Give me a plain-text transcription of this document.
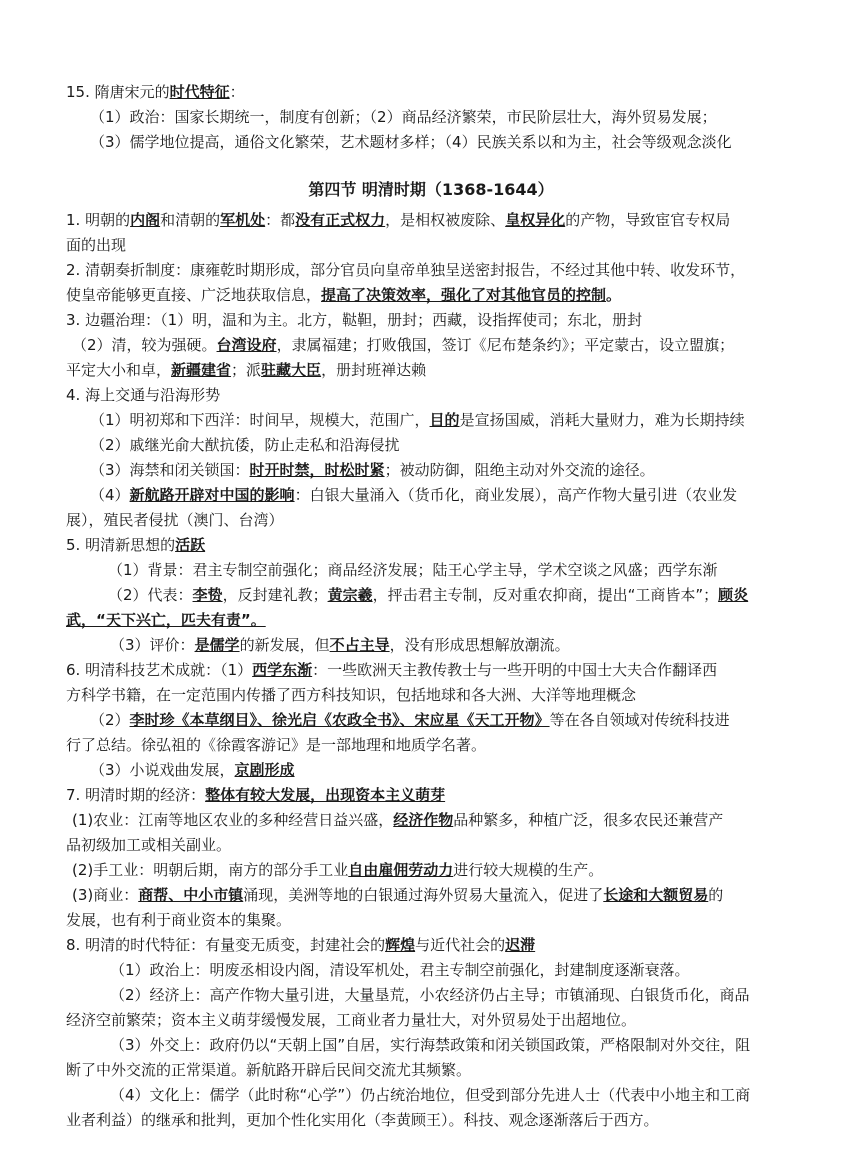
15. 隋唐宋元的时代特征：

（1）政治：国家长期统一，制度有创新；（2）商品经济繁荣，市民阶层壮大，海外贸易发展；

（3）儒学地位提高，通俗文化繁荣，艺术题材多样；（4）民族关系以和为主，社会等级观念淡化

第四节 明清时期（1368-1644）

1. 明朝的内阁和清朝的军机处：都没有正式权力，是相权被废除、皇权异化的产物，导致宦官专权局

面的出现

2. 清朝奏折制度：康雍乾时期形成，部分官员向皇帝单独呈送密封报告，不经过其他中转、收发环节，

使皇帝能够更直接、广泛地获取信息，提高了决策效率，强化了对其他官员的控制。

3. 边疆治理：（1）明，温和为主。北方，鞑靼，册封；西藏，设指挥使司；东北，册封

（2）清，较为强硬。台湾设府，隶属福建；打败俄国，签订《尼布楚条约》；平定蒙古，设立盟旗；

平定大小和卓，新疆建省；派驻藏大臣，册封班禅达赖

4. 海上交通与沿海形势

（1）明初郑和下西洋：时间早，规模大，范围广，目的是宣扬国威，消耗大量财力，难为长期持续

（2）戚继光俞大猷抗倭，防止走私和沿海侵扰

（3）海禁和闭关锁国：时开时禁，时松时紧；被动防御，阻绝主动对外交流的途径。

（4）新航路开辟对中国的影响：白银大量涌入（货币化，商业发展），高产作物大量引进（农业发

展），殖民者侵扰（澳门、台湾）

5. 明清新思想的活跃

（1）背景：君主专制空前强化；商品经济发展；陆王心学主导，学术空谈之风盛；西学东渐

（2）代表：李贽，反封建礼教；黄宗羲，抨击君主专制，反对重农抑商，提出“工商皆本”；顾炎

武，“天下兴亡，匹夫有责”。

（3）评价：是儒学的新发展，但不占主导，没有形成思想解放潮流。

6. 明清科技艺术成就：（1）西学东渐：一些欧洲天主教传教士与一些开明的中国士大夫合作翻译西

方科学书籍，在一定范围内传播了西方科技知识，包括地球和各大洲、大洋等地理概念

（2）李时珍《本草纲目》、徐光启《农政全书》、宋应星《天工开物》等在各自领域对传统科技进

行了总结。徐弘祖的《徐霞客游记》是一部地理和地质学名著。

（3）小说戏曲发展，京剧形成

7. 明清时期的经济：整体有较大发展，出现资本主义萌芽

(1)农业：江南等地区农业的多种经营日益兴盛，经济作物品种繁多，种植广泛，很多农民还兼营产

品初级加工或相关副业。

(2)手工业：明朝后期，南方的部分手工业自由雇佣劳动力进行较大规模的生产。

(3)商业：商帮、中小市镇涌现，美洲等地的白银通过海外贸易大量流入，促进了长途和大额贸易的

发展，也有利于商业资本的集聚。

8. 明清的时代特征：有量变无质变，封建社会的辉煌与近代社会的迟滞

（1）政治上：明废丞相设内阁，清设军机处，君主专制空前强化，封建制度逐渐衰落。

（2）经济上：高产作物大量引进，大量垦荒，小农经济仍占主导；市镇涌现、白银货币化，商品

经济空前繁荣；资本主义萌芽缓慢发展，工商业者力量壮大，对外贸易处于出超地位。

（3）外交上：政府仍以“天朝上国”自居，实行海禁政策和闭关锁国政策，严格限制对外交往，阻

断了中外交流的正常渠道。新航路开辟后民间交流尤其频繁。

（4）文化上：儒学（此时称“心学”）仍占统治地位，但受到部分先进人士（代表中小地主和工商

业者利益）的继承和批判，更加个性化实用化（李黄顾王）。科技、观念逐渐落后于西方。
